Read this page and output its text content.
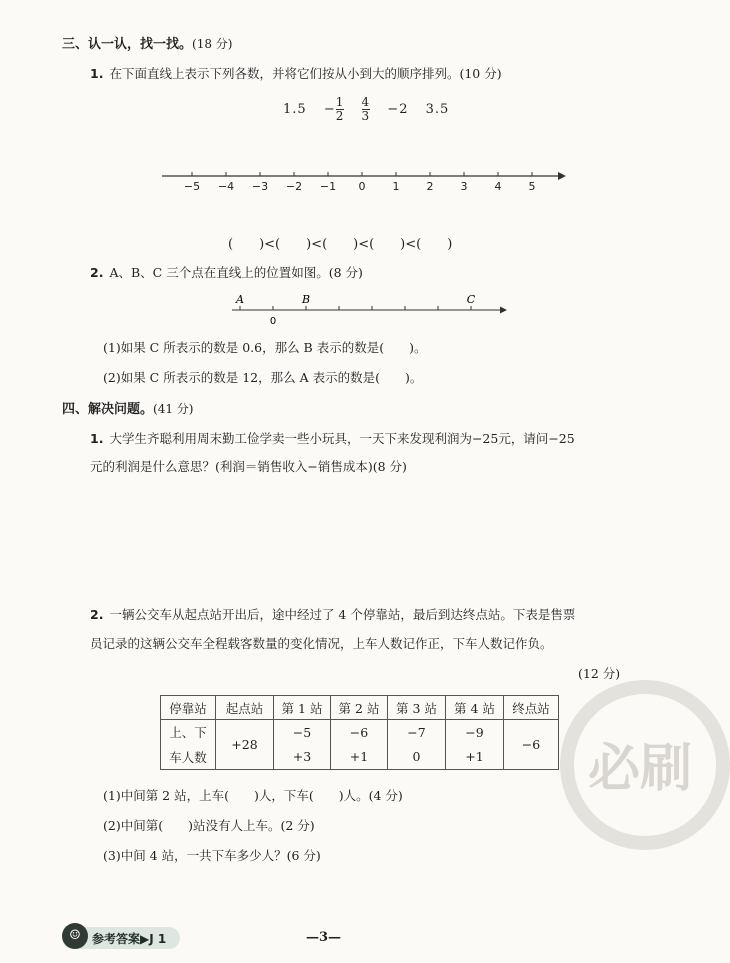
三、认一认，找一找。(18 分)
1. 在下面直线上表示下列各数，并将它们按从小到大的顺序排列。(10 分)
$1.5 - \frac{1}{2}$
$\frac{4}{3} -2$ 3.5
−5 −4 −3 −2 −1 0 1 2 3 4 5
(　　)<(　　)<(　　)<(　　)<(　　)
2. A、B、C 三个点在直线上的位置如图。(8 分)
A	B	C
0
(1)如果 C 所表示的数是 0.6，那么 B 表示的数是(　　)。
(2)如果 C 所表示的数是 12，那么 A 表示的数是(　　)。
四、解决问题。(41 分)
1. 大学生齐聪利用周末勤工俭学卖一些小玩具，一天下来发现利润为−25元，请问−25
元的利润是什么意思？(利润＝销售收入−销售成本)(8 分)
2. 一辆公交车从起点站开出后，途中经过了 4 个停靠站，最后到达终点站。下表是售票
员记录的这辆公交车全程载客数量的变化情况，上车人数记作正，下车人数记作负。
(12 分)
必刷
停靠站	起点站	第 1 站	第 2 站	第 3 站	第 4 站	终点站
上、下	+28	−5	−6	−7	−9	−6
车人数		+3	+1	0	+1	
(1)中间第 2 站，上车(　　)人，下车(　　)人。(4 分)
(2)中间第(　　)站没有人上车。(2 分)
(3)中间 4 站，一共下车多少人？(6 分)
☺ 参考答案▶J 1	—3—
